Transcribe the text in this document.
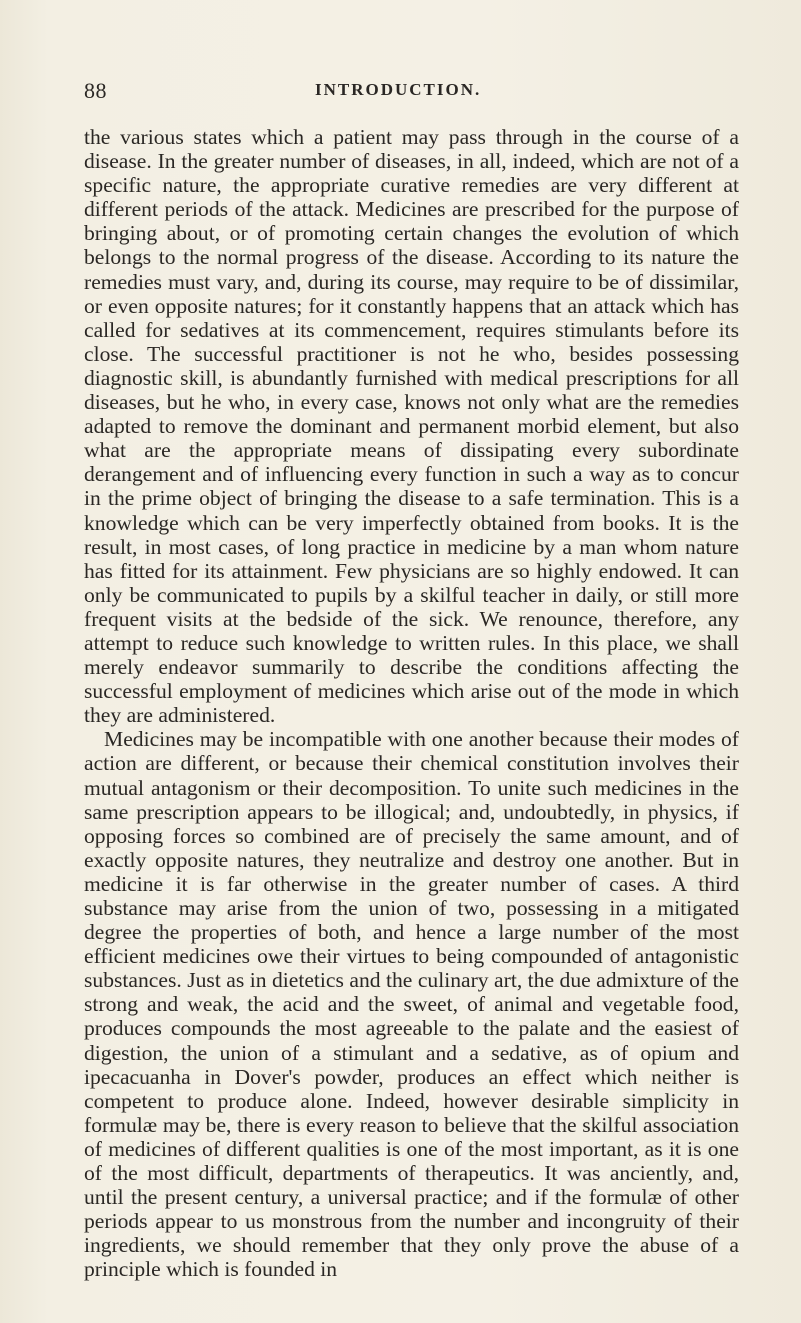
88	INTRODUCTION.

the various states which a patient may pass through in the course of a disease. In the greater number of diseases, in all, indeed, which are not of a specific nature, the appropriate curative remedies are very different at different periods of the attack. Medicines are prescribed for the purpose of bringing about, or of promoting certain changes the evolution of which belongs to the normal progress of the disease. According to its nature the remedies must vary, and, during its course, may require to be of dissimilar, or even opposite natures; for it constantly happens that an attack which has called for sedatives at its commencement, requires stimulants before its close. The successful practitioner is not he who, besides possessing diagnostic skill, is abundantly furnished with medical prescriptions for all diseases, but he who, in every case, knows not only what are the remedies adapted to remove the dominant and permanent morbid element, but also what are the appropriate means of dissipating every subordinate derangement and of influencing every function in such a way as to concur in the prime object of bringing the disease to a safe termination. This is a knowledge which can be very imperfectly obtained from books. It is the result, in most cases, of long practice in medicine by a man whom nature has fitted for its attainment. Few physicians are so highly endowed. It can only be communicated to pupils by a skilful teacher in daily, or still more frequent visits at the bedside of the sick. We renounce, therefore, any attempt to reduce such knowledge to written rules. In this place, we shall merely endeavor summarily to describe the conditions affecting the successful employment of medicines which arise out of the mode in which they are administered.

Medicines may be incompatible with one another because their modes of action are different, or because their chemical constitution involves their mutual antagonism or their decomposition. To unite such medicines in the same prescription appears to be illogical; and, undoubtedly, in physics, if opposing forces so combined are of precisely the same amount, and of exactly opposite natures, they neutralize and destroy one another. But in medicine it is far otherwise in the greater number of cases. A third substance may arise from the union of two, possessing in a mitigated degree the properties of both, and hence a large number of the most efficient medicines owe their virtues to being compounded of antagonistic substances. Just as in dietetics and the culinary art, the due admixture of the strong and weak, the acid and the sweet, of animal and vegetable food, produces compounds the most agreeable to the palate and the easiest of digestion, the union of a stimulant and a sedative, as of opium and ipecacuanha in Dover's powder, produces an effect which neither is competent to produce alone. Indeed, however desirable simplicity in formulæ may be, there is every reason to believe that the skilful association of medicines of different qualities is one of the most important, as it is one of the most difficult, departments of therapeutics. It was anciently, and, until the present century, a universal practice; and if the formulæ of other periods appear to us monstrous from the number and incongruity of their ingredients, we should remember that they only prove the abuse of a principle which is founded in
